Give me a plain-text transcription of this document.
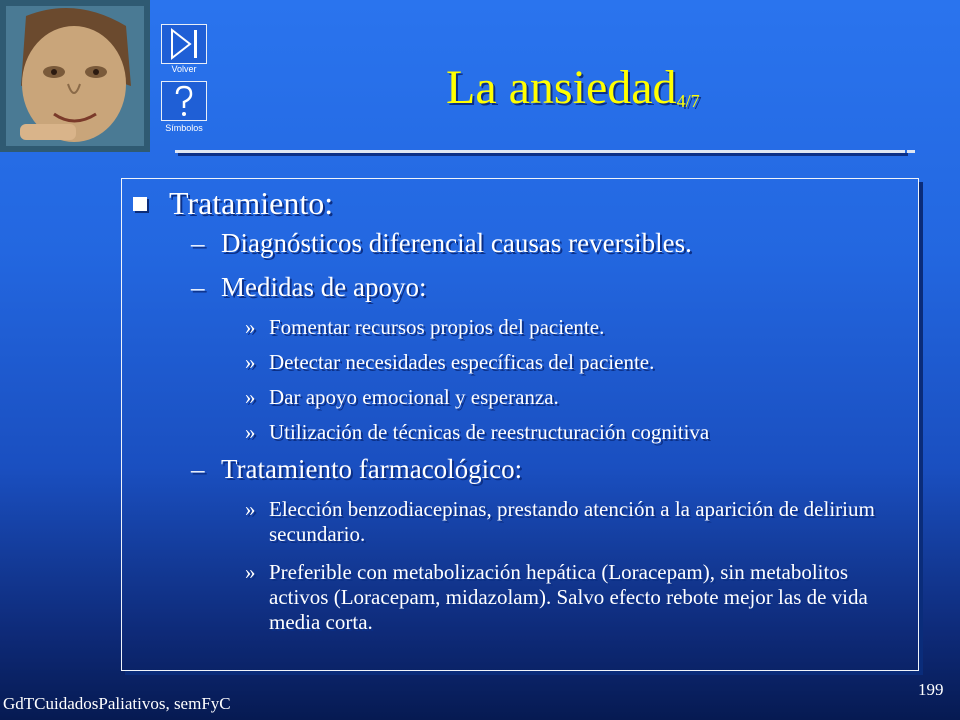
Volver
Símbolos
La ansiedad$_{4/7}$
Tratamiento:
– Diagnósticos diferencial causas reversibles.
– Medidas de apoyo:
» Fomentar recursos propios del paciente.
» Detectar necesidades específicas del paciente.
» Dar apoyo emocional y esperanza.
» Utilización de técnicas de reestructuración cognitiva
– Tratamiento farmacológico:
» Elección benzodiacepinas, prestando atención a la aparición de delirium secundario.
» Preferible con metabolización hepática (Loracepam), sin metabolitos activos (Loracepam, midazolam). Salvo efecto rebote mejor las de vida media corta.
GdTCuidadosPaliativos, semFyC
199
